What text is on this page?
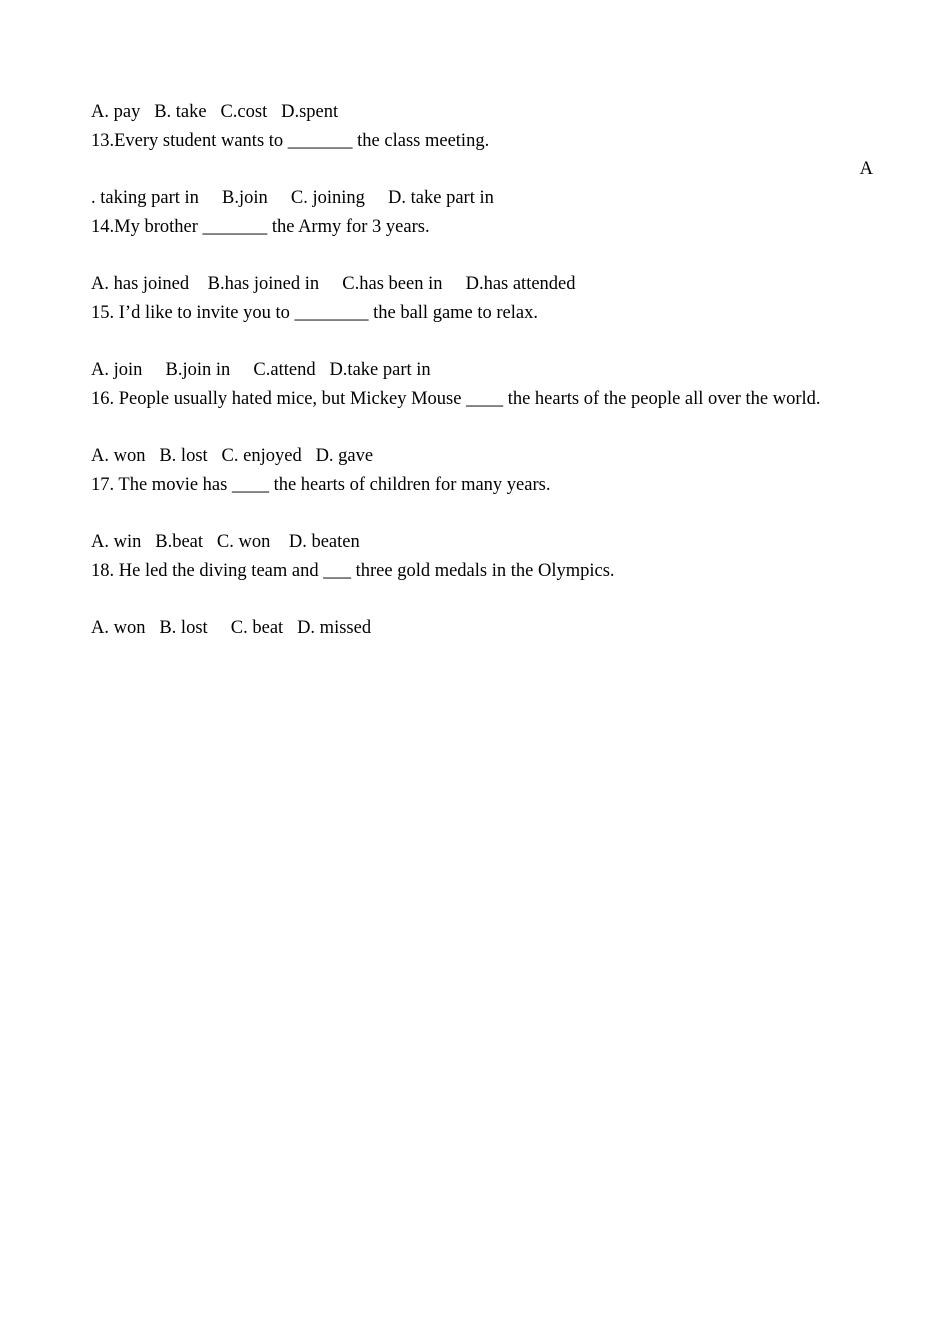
A. pay   B. take   C.cost   D.spent
13.Every student wants to _______ the class meeting.
A
. taking part in     B.join     C. joining     D. take part in
14.My brother _______ the Army for 3 years.
A. has joined    B.has joined in     C.has been in     D.has attended
15. I’d like to invite you to ________ the ball game to relax.
A. join     B.join in     C.attend   D.take part in
16. People usually hated mice, but Mickey Mouse ____ the hearts of the people all over the world.
A. won   B. lost   C. enjoyed   D. gave
17. The movie has ____ the hearts of children for many years.
A. win   B.beat   C. won    D. beaten
18. He led the diving team and ___ three gold medals in the Olympics.
A. won   B. lost     C. beat   D. missed
